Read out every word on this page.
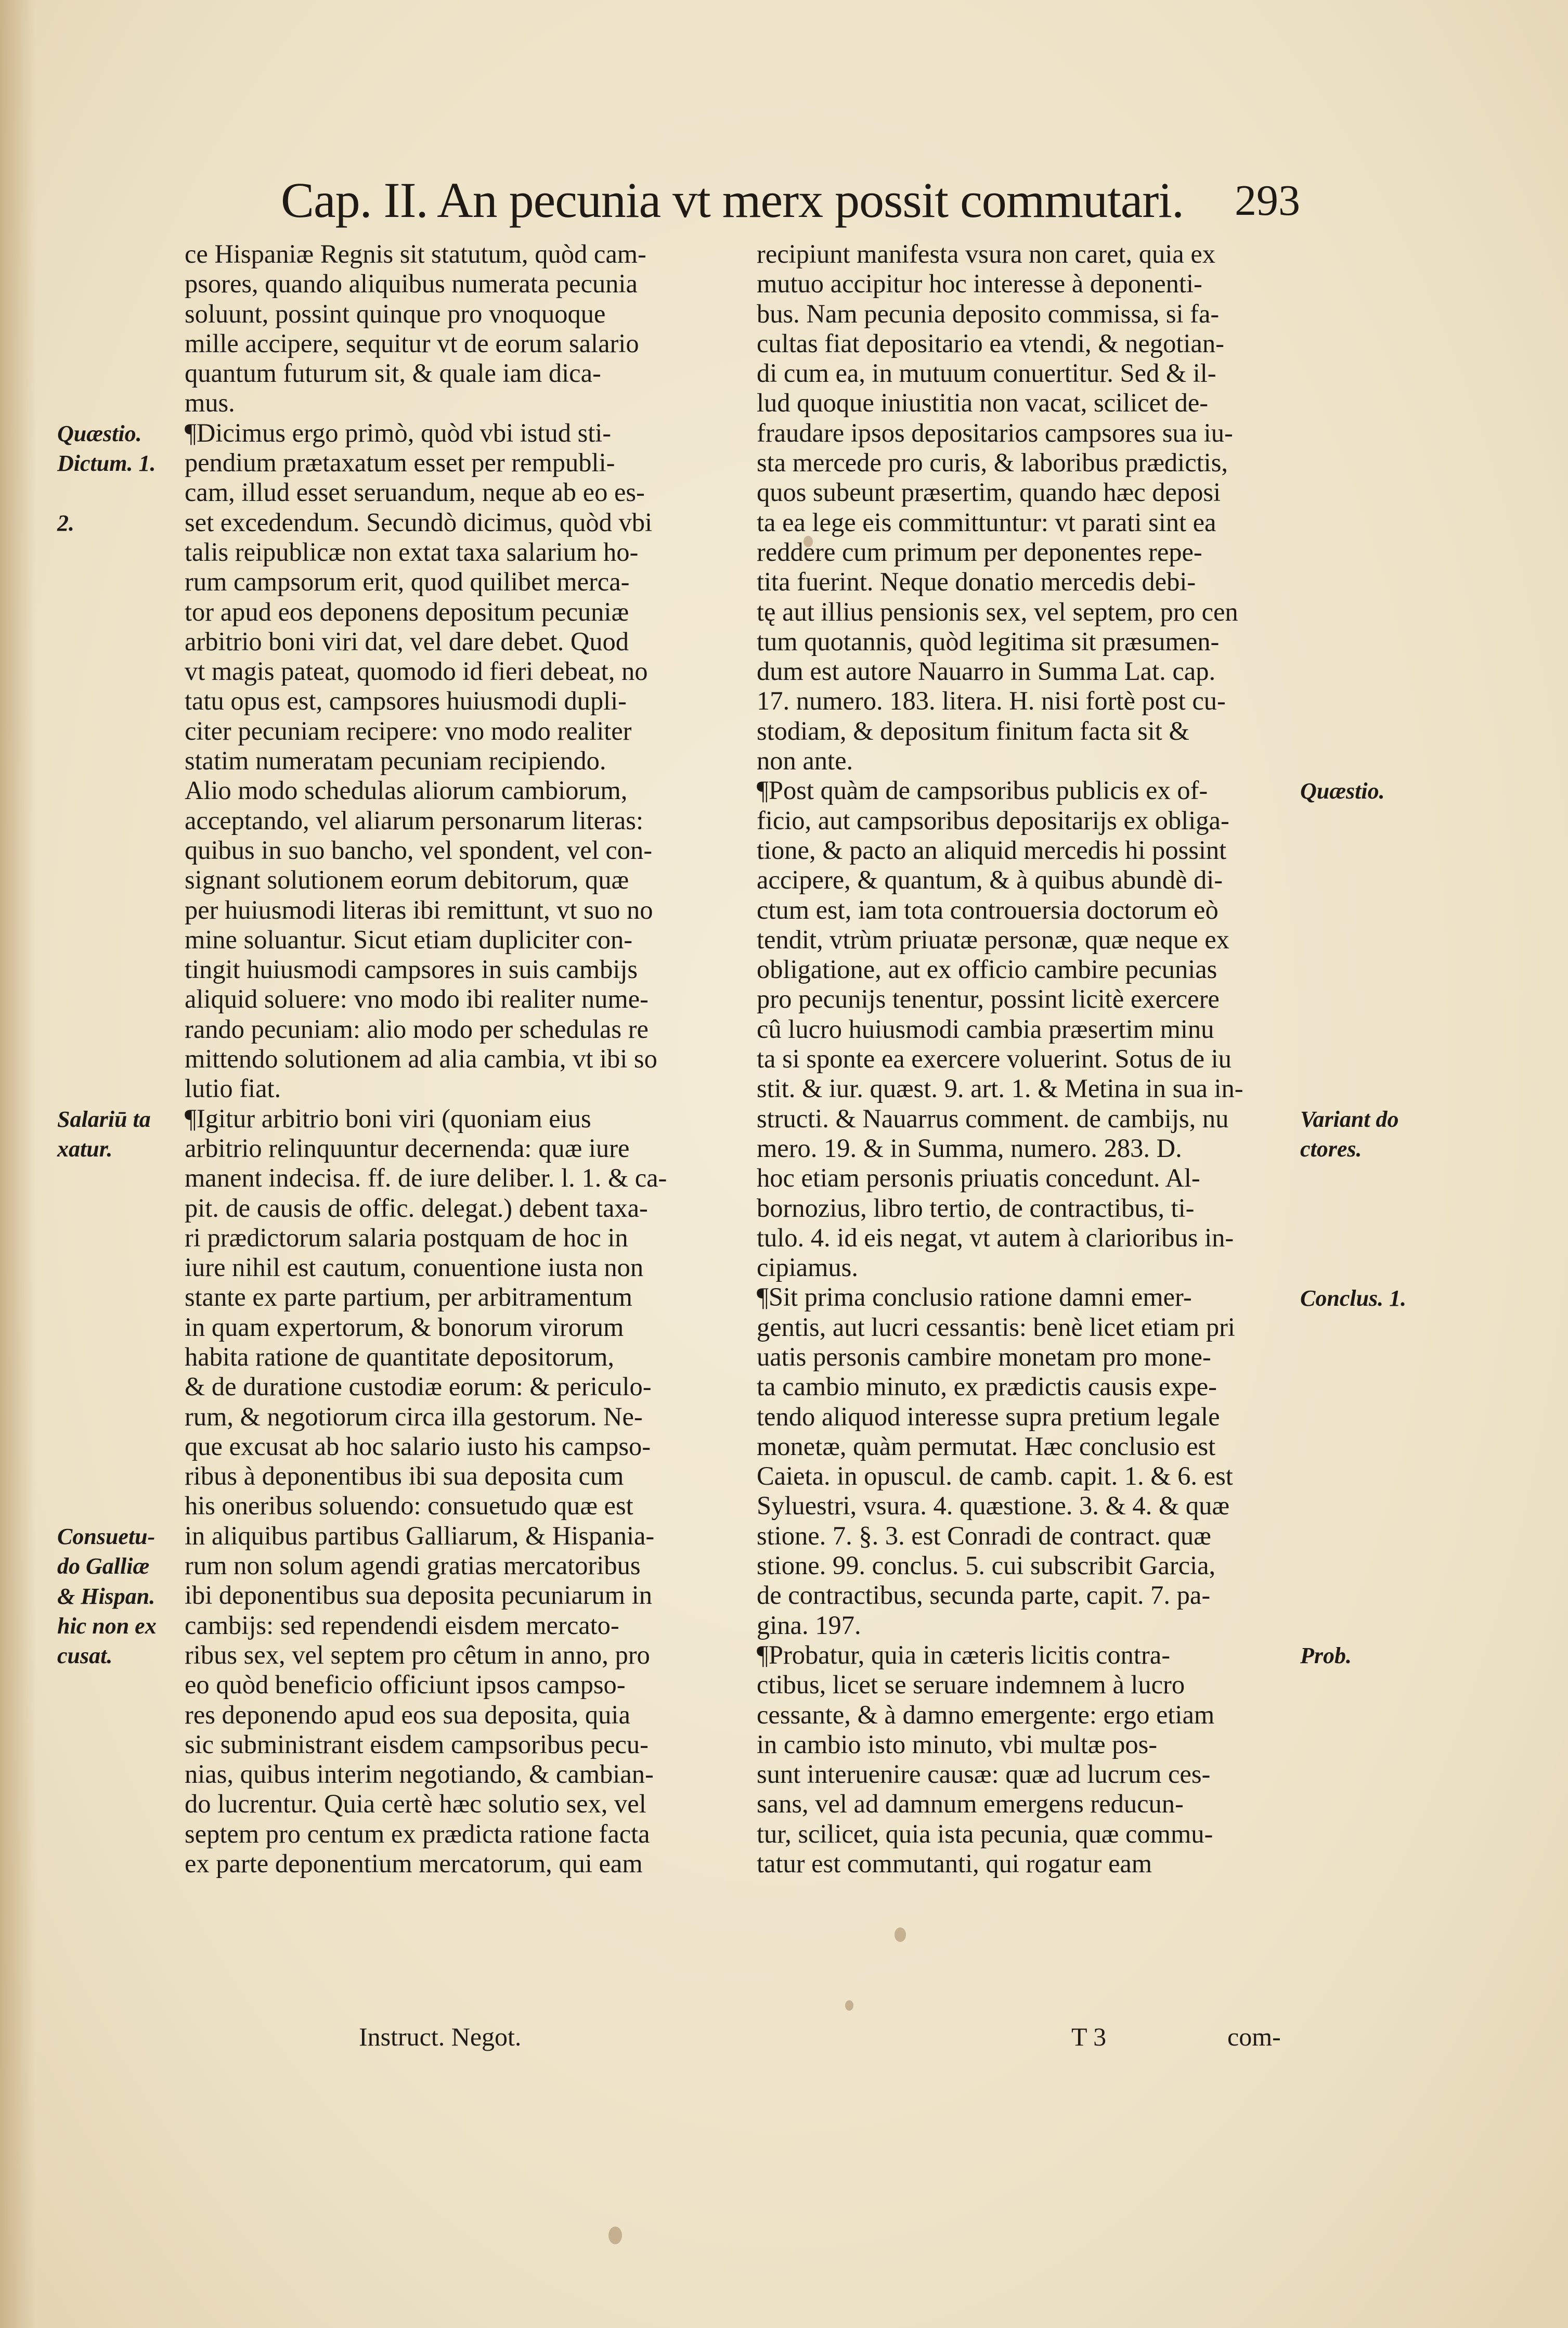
Cap. II. An pecunia vt merx possit commutari. 293
ce Hispaniæ Regnis sit statutum, quòd cam-
psores, quando aliquibus numerata pecunia
soluunt, possint quinque pro vnoquoque
mille accipere, sequitur vt de eorum salario
quantum futurum sit, & quale iam dica-
mus.
¶Dicimus ergo primò, quòd vbi istud sti-
pendium prætaxatum esset per rempubli-
cam, illud esset seruandum, neque ab eo es-
set excedendum. Secundò dicimus, quòd vbi
talis reipublicæ non extat taxa salarium ho-
rum campsorum erit, quod quilibet merca-
tor apud eos deponens depositum pecuniæ
arbitrio boni viri dat, vel dare debet. Quod
vt magis pateat, quomodo id fieri debeat, no
tatu opus est, campsores huiusmodi dupli-
citer pecuniam recipere: vno modo realiter
statim numeratam pecuniam recipiendo.
Alio modo schedulas aliorum cambiorum,
acceptando, vel aliarum personarum literas:
quibus in suo bancho, vel spondent, vel con-
signant solutionem eorum debitorum, quæ
per huiusmodi literas ibi remittunt, vt suo no
mine soluantur. Sicut etiam dupliciter con-
tingit huiusmodi campsores in suis cambijs
aliquid soluere: vno modo ibi realiter nume-
rando pecuniam: alio modo per schedulas re
mittendo solutionem ad alia cambia, vt ibi so
lutio fiat.
¶Igitur arbitrio boni viri (quoniam eius
arbitrio relinquuntur decernenda: quæ iure
manent indecisa. ff. de iure deliber. l. 1. & ca-
pit. de causis de offic. delegat.) debent taxa-
ri prædictorum salaria postquam de hoc in
iure nihil est cautum, conuentione iusta non
stante ex parte partium, per arbitramentum
in quam expertorum, & bonorum virorum
habita ratione de quantitate depositorum,
& de duratione custodiæ eorum: & periculo-
rum, & negotiorum circa illa gestorum. Ne-
que excusat ab hoc salario iusto his campso-
ribus à deponentibus ibi sua deposita cum
his oneribus soluendo: consuetudo quæ est
in aliquibus partibus Galliarum, & Hispania-
rum non solum agendi gratias mercatoribus
ibi deponentibus sua deposita pecuniarum in
cambijs: sed rependendi eisdem mercato-
ribus sex, vel septem pro cêtum in anno, pro
eo quòd beneficio officiunt ipsos campso-
res deponendo apud eos sua deposita, quia
sic subministrant eisdem campsoribus pecu-
nias, quibus interim negotiando, & cambian-
do lucrentur. Quia certè hæc solutio sex, vel
septem pro centum ex prædicta ratione facta
ex parte deponentium mercatorum, qui eam
recipiunt manifesta vsura non caret, quia ex
mutuo accipitur hoc interesse à deponenti-
bus. Nam pecunia deposito commissa, si fa-
cultas fiat depositario ea vtendi, & negotian-
di cum ea, in mutuum conuertitur. Sed & il-
lud quoque iniustitia non vacat, scilicet de-
fraudare ipsos depositarios campsores sua iu-
sta mercede pro curis, & laboribus prædictis,
quos subeunt præsertim, quando hæc deposi
ta ea lege eis committuntur: vt parati sint ea
reddere cum primum per deponentes repe-
tita fuerint. Neque donatio mercedis debi-
tę aut illius pensionis sex, vel septem, pro cen
tum quotannis, quòd legitima sit præsumen-
dum est autore Nauarro in Summa Lat. cap.
17. numero. 183. litera. H. nisi fortè post cu-
stodiam, & depositum finitum facta sit &
non ante.
¶Post quàm de campsoribus publicis ex of-
ficio, aut campsoribus depositarijs ex obliga-
tione, & pacto an aliquid mercedis hi possint
accipere, & quantum, & à quibus abundè di-
ctum est, iam tota controuersia doctorum eò
tendit, vtrùm priuatæ personæ, quæ neque ex
obligatione, aut ex officio cambire pecunias
pro pecunijs tenentur, possint licitè exercere
cû lucro huiusmodi cambia præsertim minu
ta si sponte ea exercere voluerint. Sotus de iu
stit. & iur. quæst. 9. art. 1. & Metina in sua in-
structi. & Nauarrus comment. de cambijs, nu
mero. 19. & in Summa, numero. 283. D.
hoc etiam personis priuatis concedunt. Al-
bornozius, libro tertio, de contractibus, ti-
tulo. 4. id eis negat, vt autem à clarioribus in-
cipiamus.
¶Sit prima conclusio ratione damni emer-
gentis, aut lucri cessantis: benè licet etiam pri
uatis personis cambire monetam pro mone-
ta cambio minuto, ex prædictis causis expe-
tendo aliquod interesse supra pretium legale
monetæ, quàm permutat. Hæc conclusio est
Caieta. in opuscul. de camb. capit. 1. & 6. est
Syluestri, vsura. 4. quæstione. 3. & 4. & quæ
stione. 7. §. 3. est Conradi de contract. quæ
stione. 99. conclus. 5. cui subscribit Garcia,
de contractibus, secunda parte, capit. 7. pa-
gina. 197.
¶Probatur, quia in cæteris licitis contra-
ctibus, licet se seruare indemnem à lucro
cessante, & à damno emergente: ergo etiam
in cambio isto minuto, vbi multæ pos-
sunt interuenire causæ: quæ ad lucrum ces-
sans, vel ad damnum emergens reducun-
tur, scilicet, quia ista pecunia, quæ commu-
tatur est commutanti, qui rogatur eam
Quæstio.
Dictum. 1.
2.
Salariū ta
xatur.
Consuetu-
do Galliæ
& Hispan.
hic non ex
cusat.
Quæstio.
Variant do
ctores.
Conclus. 1.
Prob.
Instruct. Negot.	T 3	com-
